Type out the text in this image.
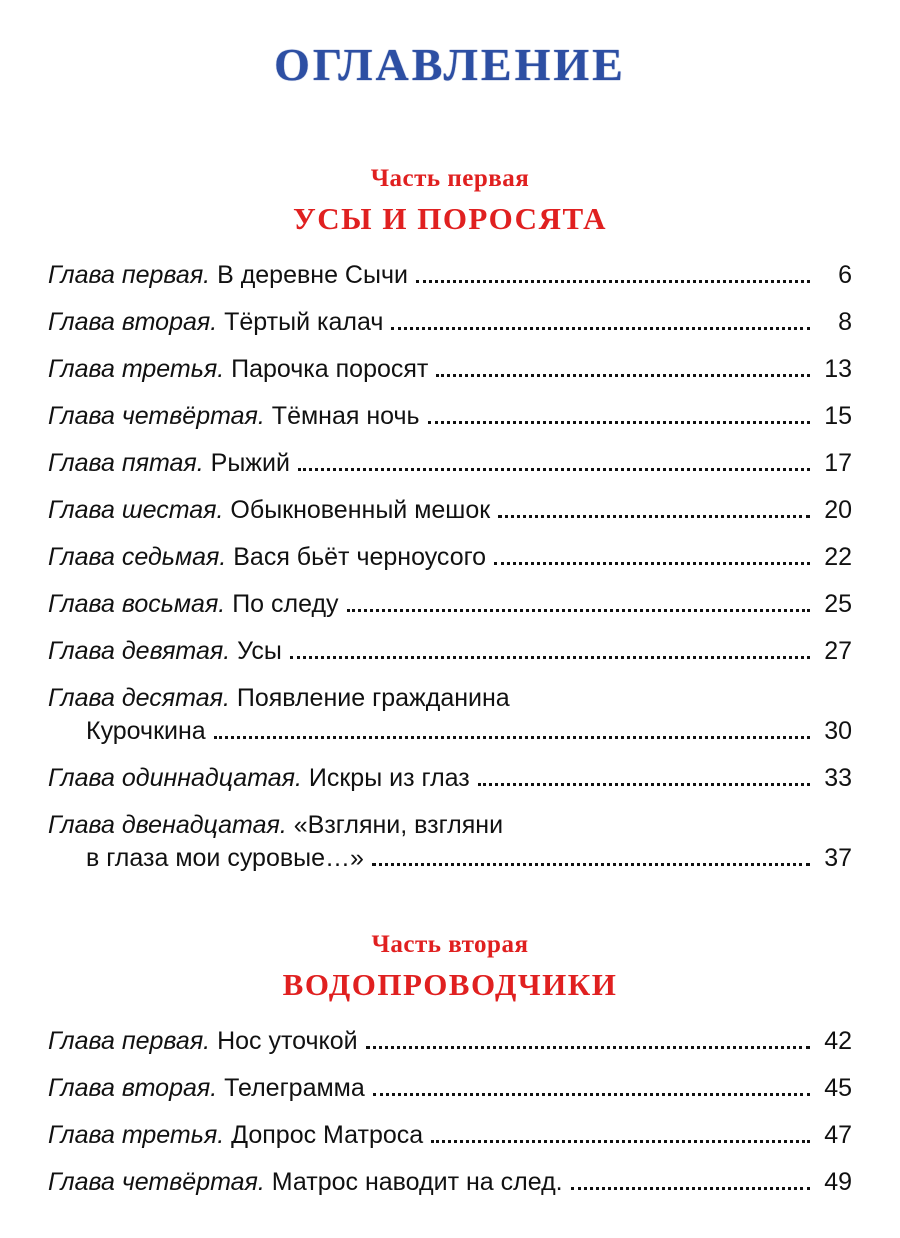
ОГЛАВЛЕНИЕ
Часть первая
УСЫ И ПОРОСЯТА
Глава первая. В деревне Сычи	6
Глава вторая. Тёртый калач	8
Глава третья. Парочка поросят	13
Глава четвёртая. Тёмная ночь	15
Глава пятая. Рыжий	17
Глава шестая. Обыкновенный мешок	20
Глава седьмая. Вася бьёт черноусого	22
Глава восьмая. По следу	25
Глава девятая. Усы	27
Глава десятая. Появление гражданина
Курочкина	30
Глава одиннадцатая. Искры из глаз	33
Глава двенадцатая. «Взгляни, взгляни
в глаза мои суровые…»	37
Часть вторая
ВОДОПРОВОДЧИКИ
Глава первая. Нос уточкой	42
Глава вторая. Телеграмма	45
Глава третья. Допрос Матроса	47
Глава четвёртая. Матрос наводит на след.	49
